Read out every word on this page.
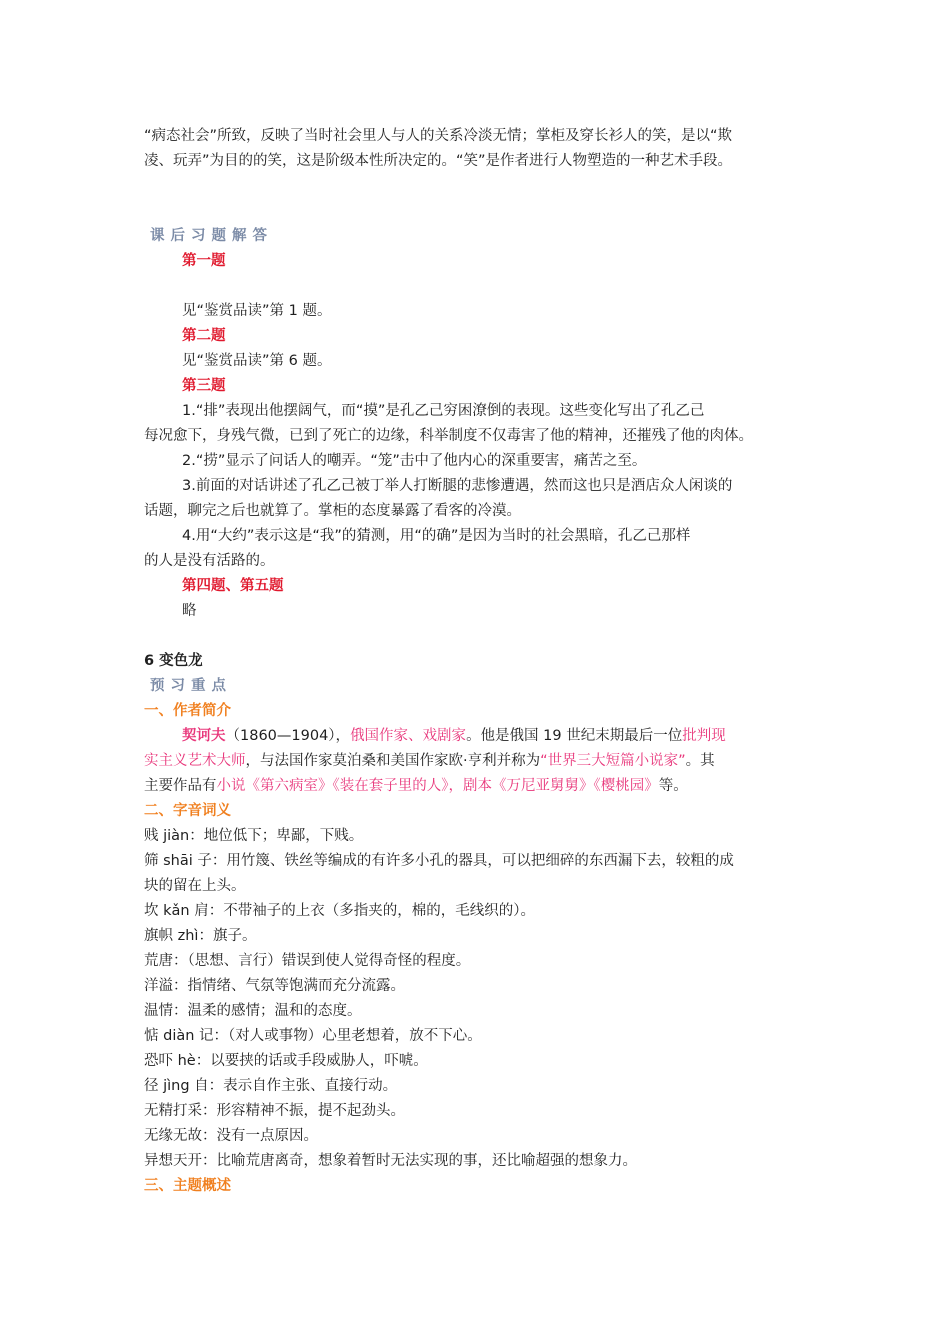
“病态社会”所致，反映了当时社会里人与人的关系冷淡无情；掌柜及穿长衫人的笑，是以“欺
凌、玩弄”为目的的笑，这是阶级本性所决定的。“笑”是作者进行人物塑造的一种艺术手段。
课后习题解答
第一题
见“鉴赏品读”第 1 题。
第二题
见“鉴赏品读”第 6 题。
第三题
1.“排”表现出他摆阔气，而“摸”是孔乙己穷困潦倒的表现。这些变化写出了孔乙己
每况愈下，身残气微，已到了死亡的边缘，科举制度不仅毒害了他的精神，还摧残了他的肉体。
2.“捞”显示了问话人的嘲弄。“笼”击中了他内心的深重要害，痛苦之至。
3.前面的对话讲述了孔乙己被丁举人打断腿的悲惨遭遇，然而这也只是酒店众人闲谈的
话题，聊完之后也就算了。掌柜的态度暴露了看客的冷漠。
4.用“大约”表示这是“我”的猜测，用“的确”是因为当时的社会黑暗，孔乙己那样
的人是没有活路的。
第四题、第五题
略
6 变色龙
预习重点
一、作者简介
契诃夫（1860—1904），俄国作家、戏剧家。他是俄国 19 世纪末期最后一位批判现
实主义艺术大师，与法国作家莫泊桑和美国作家欧·亨利并称为“世界三大短篇小说家”。其
主要作品有小说《第六病室》《装在套子里的人》，剧本《万尼亚舅舅》《樱桃园》等。
二、字音词义
贱 jiàn：地位低下；卑鄙，下贱。
筛 shāi 子：用竹篾、铁丝等编成的有许多小孔的器具，可以把细碎的东西漏下去，较粗的成
块的留在上头。
坎 kǎn 肩：不带袖子的上衣（多指夹的，棉的，毛线织的）。
旗帜 zhì：旗子。
荒唐：（思想、言行）错误到使人觉得奇怪的程度。
洋溢：指情绪、气氛等饱满而充分流露。
温情：温柔的感情；温和的态度。
惦 diàn 记：（对人或事物）心里老想着，放不下心。
恐吓 hè：以要挟的话或手段威胁人，吓唬。
径 jìng 自：表示自作主张、直接行动。
无精打采：形容精神不振，提不起劲头。
无缘无故：没有一点原因。
异想天开：比喻荒唐离奇，想象着暂时无法实现的事，还比喻超强的想象力。
三、主题概述
